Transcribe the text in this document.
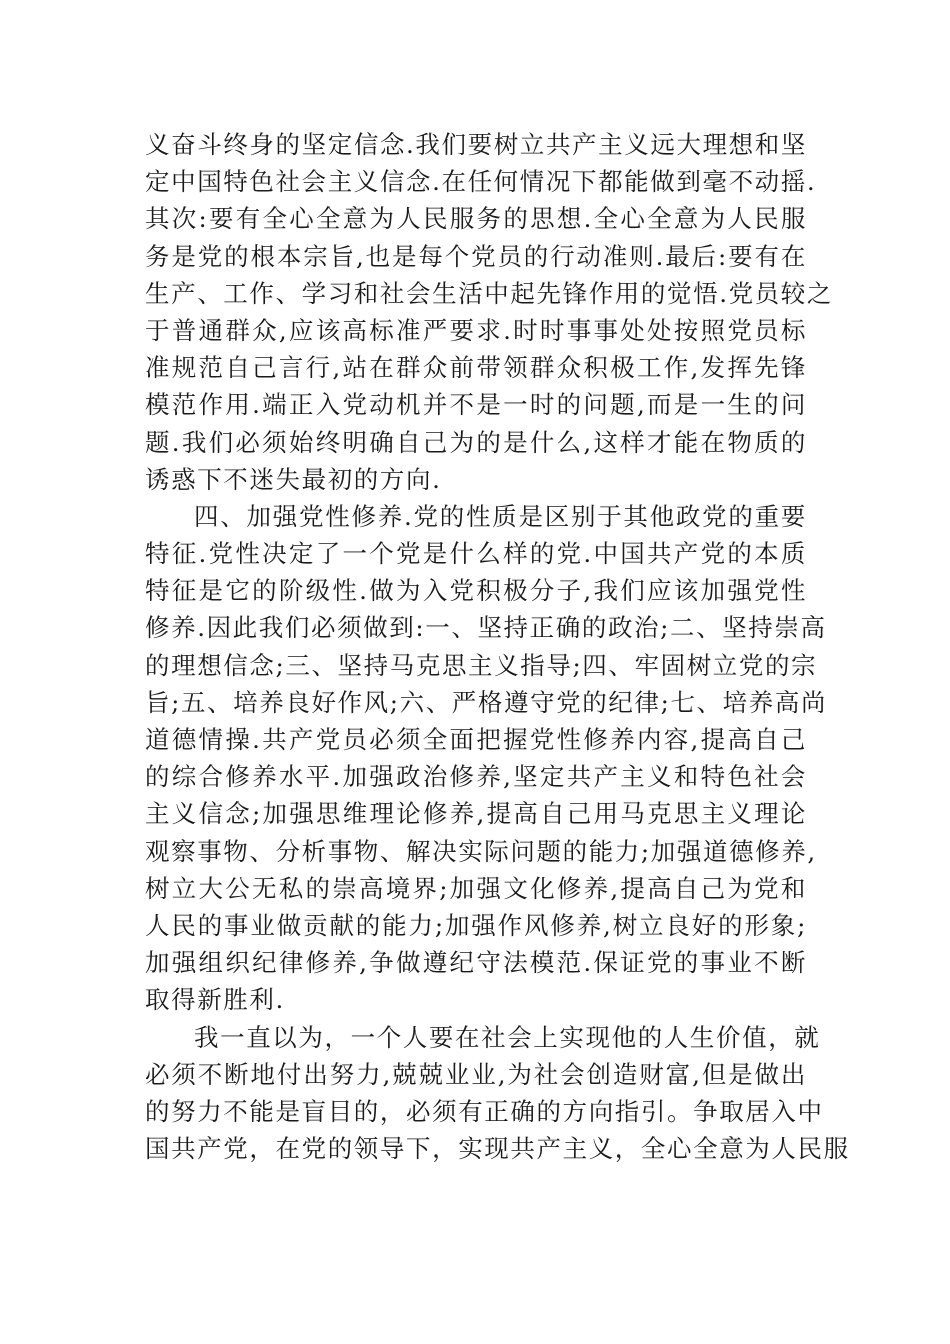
义奋斗终身的坚定信念.我们要树立共产主义远大理想和坚
定中国特色社会主义信念.在任何情况下都能做到毫不动摇.
其次:要有全心全意为人民服务的思想.全心全意为人民服
务是党的根本宗旨,也是每个党员的行动准则.最后:要有在
生产、工作、学习和社会生活中起先锋作用的觉悟.党员较之
于普通群众,应该高标准严要求.时时事事处处按照党员标
准规范自己言行,站在群众前带领群众积极工作,发挥先锋
模范作用.端正入党动机并不是一时的问题,而是一生的问
题.我们必须始终明确自己为的是什么,这样才能在物质的
诱惑下不迷失最初的方向.

四、加强党性修养.党的性质是区别于其他政党的重要
特征.党性决定了一个党是什么样的党.中国共产党的本质
特征是它的阶级性.做为入党积极分子,我们应该加强党性
修养.因此我们必须做到:一、坚持正确的政治;二、坚持崇高
的理想信念;三、坚持马克思主义指导;四、牢固树立党的宗
旨;五、培养良好作风;六、严格遵守党的纪律;七、培养高尚
道德情操.共产党员必须全面把握党性修养内容,提高自己
的综合修养水平.加强政治修养,坚定共产主义和特色社会
主义信念;加强思维理论修养,提高自己用马克思主义理论
观察事物、分析事物、解决实际问题的能力;加强道德修养,
树立大公无私的崇高境界;加强文化修养,提高自己为党和
人民的事业做贡献的能力;加强作风修养,树立良好的形象;
加强组织纪律修养,争做遵纪守法模范.保证党的事业不断
取得新胜利.

我一直以为，一个人要在社会上实现他的人生价值，就
必须不断地付出努力,兢兢业业,为社会创造财富,但是做出
的努力不能是盲目的，必须有正确的方向指引。争取居入中
国共产党，在党的领导下，实现共产主义，全心全意为人民服
